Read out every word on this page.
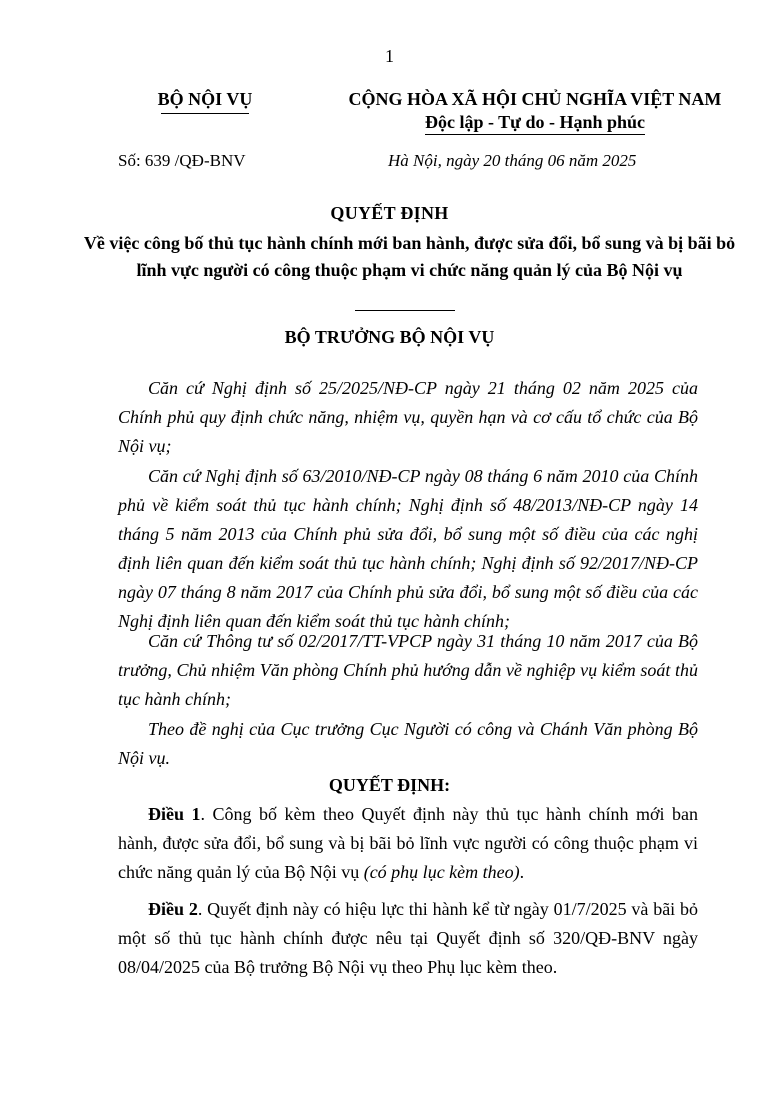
1
BỘ NỘI VỤ	CỘNG HÒA XÃ HỘI CHỦ NGHĨA VIỆT NAM
Độc lập - Tự do - Hạnh phúc
Số: 639 /QĐ-BNV	Hà Nội, ngày 20 tháng 06 năm 2025
QUYẾT ĐỊNH
Về việc công bố thủ tục hành chính mới ban hành, được sửa đổi, bổ sung và bị bãi bỏ lĩnh vực người có công thuộc phạm vi chức năng quản lý của Bộ Nội vụ
BỘ TRƯỞNG BỘ NỘI VỤ
Căn cứ Nghị định số 25/2025/NĐ-CP ngày 21 tháng 02 năm 2025 của Chính phủ quy định chức năng, nhiệm vụ, quyền hạn và cơ cấu tổ chức của Bộ Nội vụ;
Căn cứ Nghị định số 63/2010/NĐ-CP ngày 08 tháng 6 năm 2010 của Chính phủ về kiểm soát thủ tục hành chính; Nghị định số 48/2013/NĐ-CP ngày 14 tháng 5 năm 2013 của Chính phủ sửa đổi, bổ sung một số điều của các nghị định liên quan đến kiểm soát thủ tục hành chính; Nghị định số 92/2017/NĐ-CP ngày 07 tháng 8 năm 2017 của Chính phủ sửa đổi, bổ sung một số điều của các Nghị định liên quan đến kiểm soát thủ tục hành chính;
Căn cứ Thông tư số 02/2017/TT-VPCP ngày 31 tháng 10 năm 2017 của Bộ trưởng, Chủ nhiệm Văn phòng Chính phủ hướng dẫn về nghiệp vụ kiểm soát thủ tục hành chính;
Theo đề nghị của Cục trưởng Cục Người có công và Chánh Văn phòng Bộ Nội vụ.
QUYẾT ĐỊNH:
Điều 1. Công bố kèm theo Quyết định này thủ tục hành chính mới ban hành, được sửa đổi, bổ sung và bị bãi bỏ lĩnh vực người có công thuộc phạm vi chức năng quản lý của Bộ Nội vụ (có phụ lục kèm theo).
Điều 2. Quyết định này có hiệu lực thi hành kể từ ngày 01/7/2025 và bãi bỏ một số thủ tục hành chính được nêu tại Quyết định số 320/QĐ-BNV ngày 08/04/2025 của Bộ trưởng Bộ Nội vụ theo Phụ lục kèm theo.
